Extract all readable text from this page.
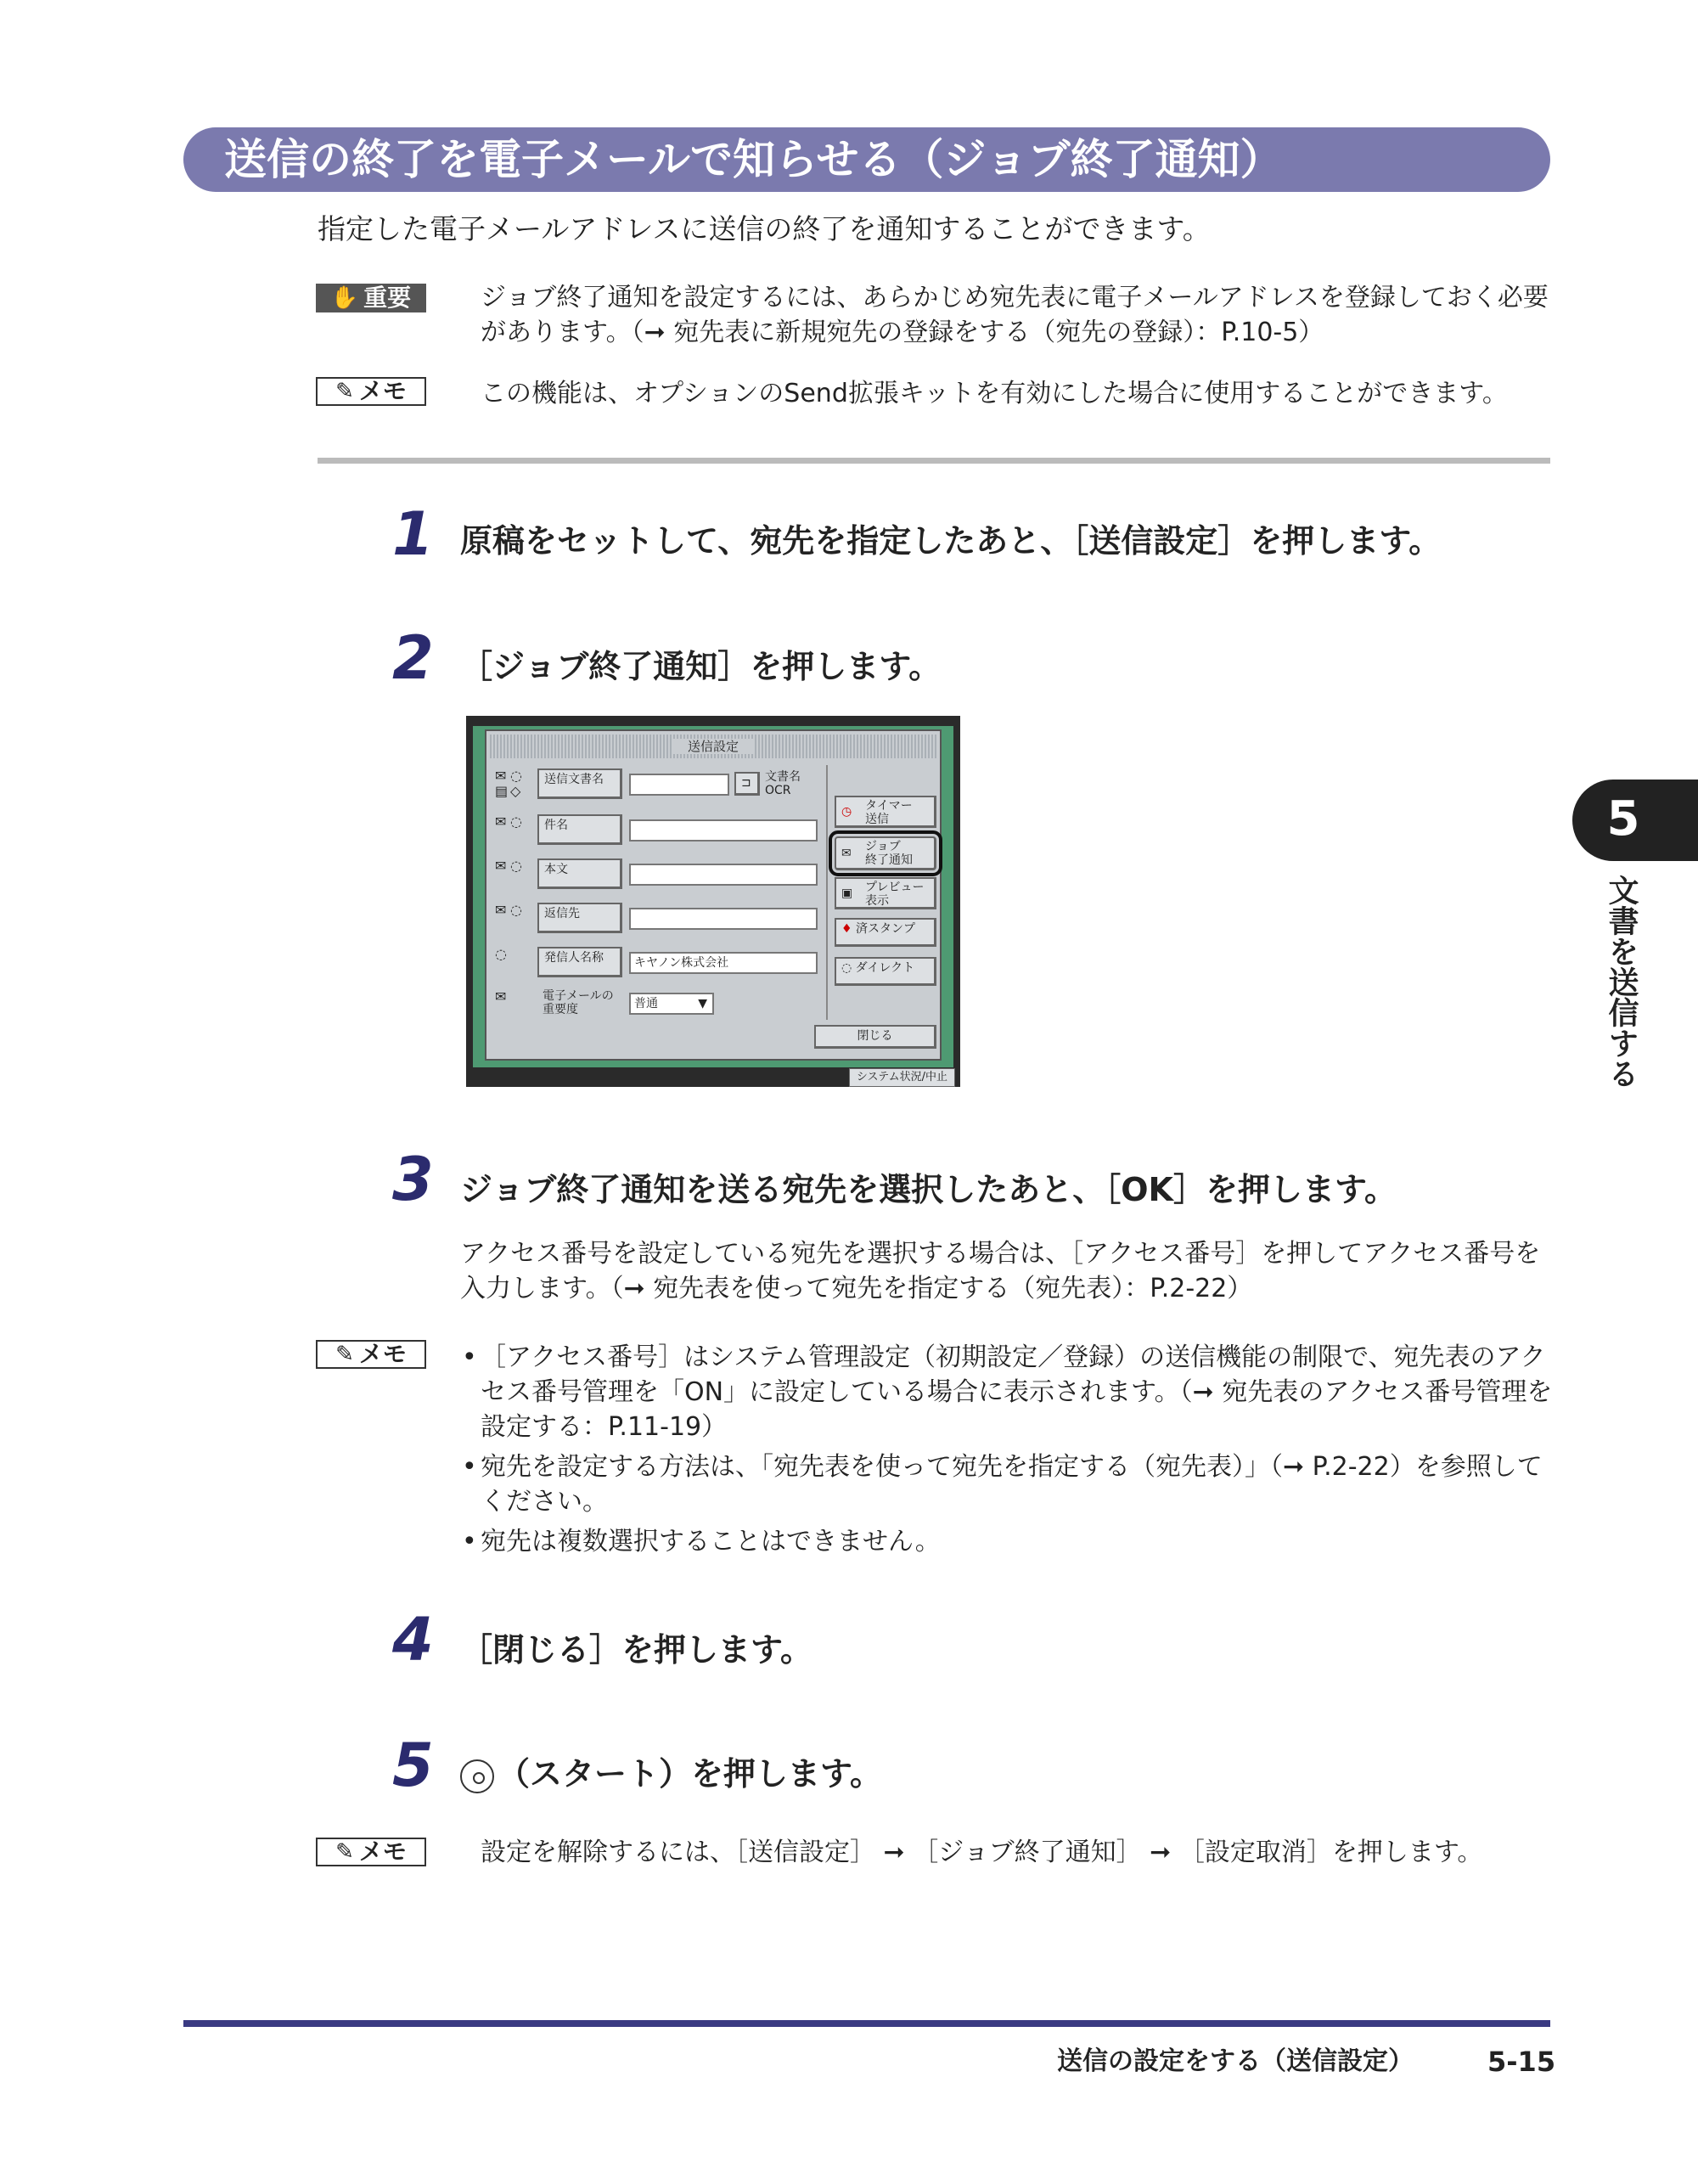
送信の終了を電子メールで知らせる（ジョブ終了通知）
指定した電子メールアドレスに送信の終了を通知することができます。
✋ 重要	ジョブ終了通知を設定するには、あらかじめ宛先表に電子メールアドレスを登録しておく必要があります。（➞ 宛先表に新規宛先の登録をする（宛先の登録）：P.10-5）
✎ メモ	この機能は、オプションのSend拡張キットを有効にした場合に使用することができます。
1 原稿をセットして、宛先を指定したあと、［送信設定］を押します。
2 ［ジョブ終了通知］を押します。
送信設定
✉ ◌
▤ ◇
送信文書名	⊐	文書名
OCR
✉ ◌	件名
✉ ◌	本文
✉ ◌	返信先
◌	発信人名称	キヤノン株式会社
✉	電子メールの
重要度	普通	▼
◷ タイマー
送信
✉ ジョブ
終了通知
▣ プレビュー
表示
♦ 済スタンプ
◌ ダイレクト
閉じる
システム状況/中止
3 ジョブ終了通知を送る宛先を選択したあと、［OK］を押します。
アクセス番号を設定している宛先を選択する場合は、［アクセス番号］を押してアクセス番号を入力します。（➞ 宛先表を使って宛先を指定する（宛先表）：P.2-22）
✎ メモ
•	［アクセス番号］はシステム管理設定（初期設定／登録）の送信機能の制限で、宛先表のアクセス番号管理を「ON」に設定している場合に表示されます。（➞ 宛先表のアクセス番号管理を設定する：P.11-19）
• 宛先を設定する方法は、「宛先表を使って宛先を指定する（宛先表）」（➞ P.2-22）を参照してください。
• 宛先は複数選択することはできません。
4 ［閉じる］を押します。
5	（スタート）を押します。
✎ メモ	設定を解除するには、［送信設定］ ➞ ［ジョブ終了通知］ ➞ ［設定取消］を押します。
5
文書を送信する
送信の設定をする（送信設定）	5-15
